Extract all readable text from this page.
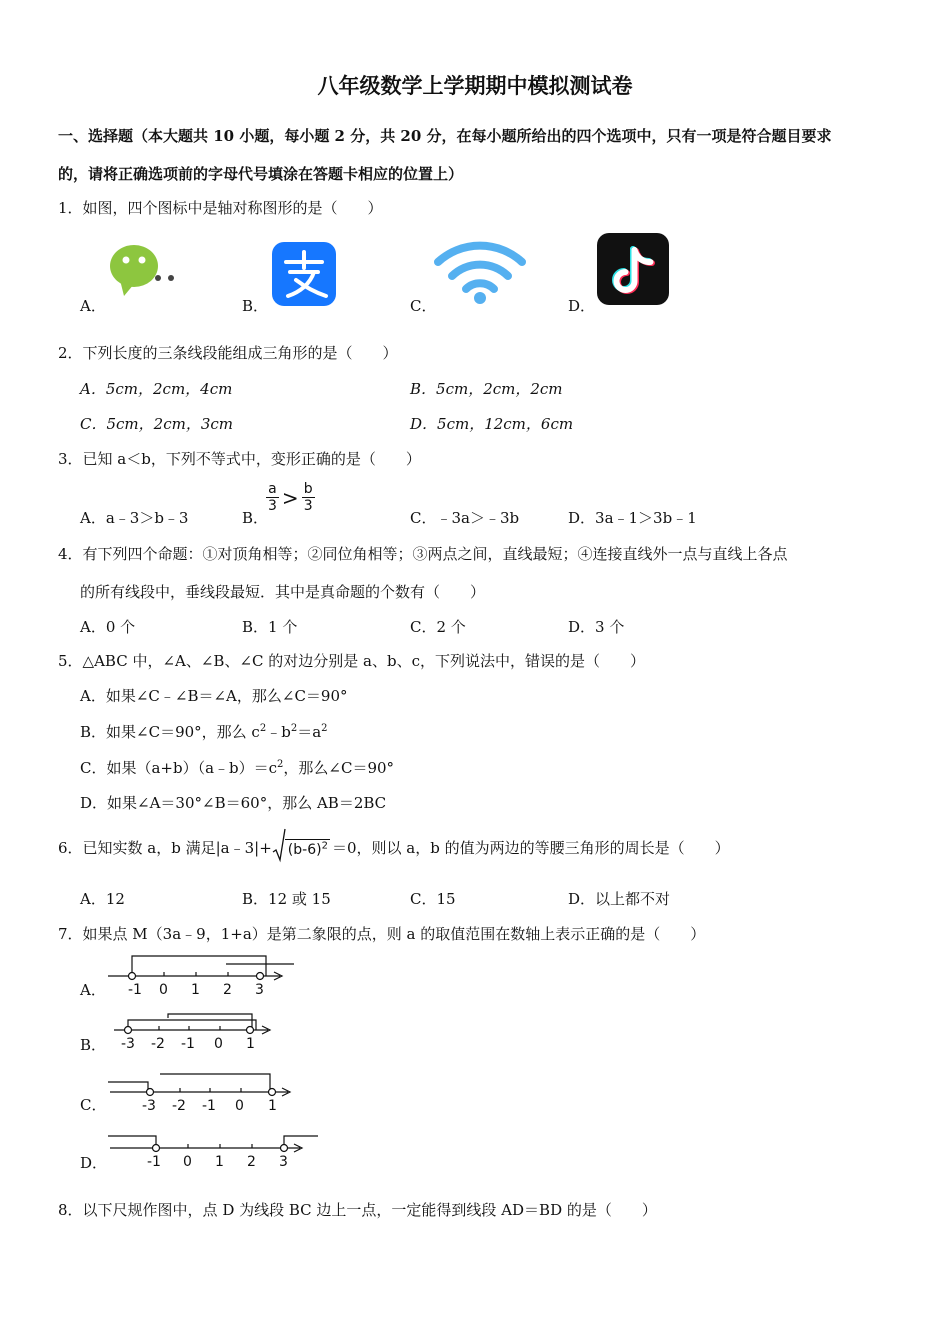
八年级数学上学期期中模拟测试卷
一、选择题（本大题共 10 小题，每小题 2 分，共 20 分，在每小题所给出的四个选项中，只有一项是符合题目要求
的，请将正确选项前的字母代号填涂在答题卡相应的位置上）
1．如图，四个图标中是轴对称图形的是（　　）
A．	B．	C．	D．
2．下列长度的三条线段能组成三角形的是（　　）
A．5cm，2cm，4cm	B．5cm，2cm，2cm
C．5cm，2cm，3cm	D．5cm，12cm，6cm
3．已知 a＜b，下列不等式中，变形正确的是（　　）
A．a﹣3＞b﹣3	B．
$\frac{a}{3} > \frac{b}{3}$
C．﹣3a＞﹣3b	D．3a﹣1＞3b﹣1
4．有下列四个命题：①对顶角相等；②同位角相等；③两点之间，直线最短；④连接直线外一点与直线上各点
的所有线段中，垂线段最短．其中是真命题的个数有（　　）
A．0 个	B．1 个	C．2 个	D．3 个
5．△ABC 中，∠A、∠B、∠C 的对边分别是 a、b、c，下列说法中，错误的是（　　）
A．如果∠C﹣∠B＝∠A，那么∠C＝90°
B．如果∠C＝90°，那么 $c^2﹣b^2=a^2$
C．如果$(a+b)(a﹣b)=c^2$，那么∠C＝90°
D．如果∠A＝30°∠B＝60°，那么 AB＝2BC
6．已知实数 a，b 满足|a﹣3|+ $(b-6)^2 =0$，则以 a，b 的值为两边的等腰三角形的周长是（　　）
A．12	B．12 或 15	C．15	D．以上都不对
7．如果点 M（3a﹣9，1+a）是第二象限的点，则 a 的取值范围在数轴上表示正确的是（　　）
A． -1 0 1 2 3
B． -3 -2 -1 0 1
C．	-3 -2 -1 0 1
D．	-1 0 1 2 3
8．以下尺规作图中，点 D 为线段 BC 边上一点，一定能得到线段 AD＝BD 的是（　　）
